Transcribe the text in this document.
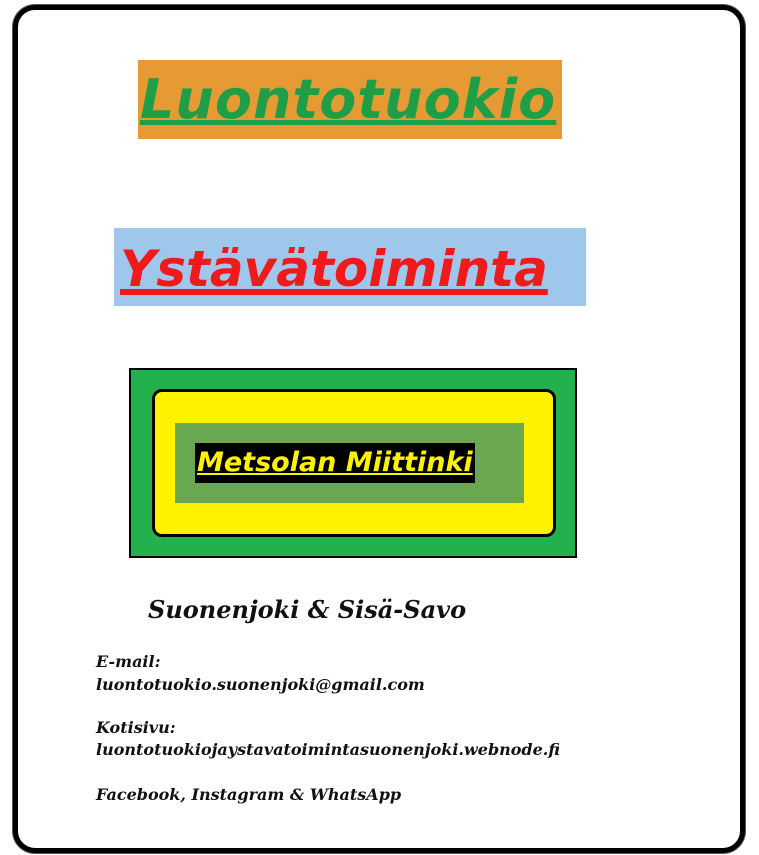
Luontotuokio
Ystävätoiminta
Metsolan Miittinki
Suonenjoki & Sisä-Savo
E-mail:
luontotuokio.suonenjoki@gmail.com
Kotisivu:
luontotuokiojaystavatoimintasuonenjoki.webnode.fi
Facebook, Instagram & WhatsApp
